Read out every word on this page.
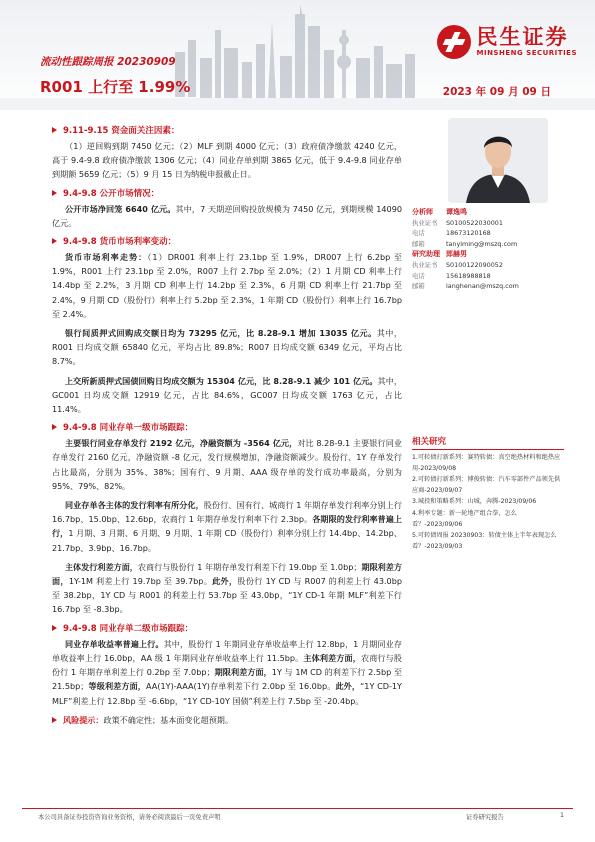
民生证券
MINSHENG SECURITIES
流动性跟踪周报 20230909
R001 上行至 1.99%	2023 年 09 月 09 日
9.11-9.15 资金面关注因素：
（1）逆回购到期 7450 亿元；（2）MLF 到期 4000 亿元；（3）政府债净缴款 4240 亿元，高于 9.4-9.8 政府债净缴款 1306 亿元；（4）同业存单到期 3865 亿元，低于 9.4-9.8 同业存单到期额 5659 亿元；（5）9 月 15 日为纳税申报截止日。
9.4-9.8 公开市场情况：
公开市场净回笼 6640 亿元。其中，7 天期逆回购投放规模为 7450 亿元，到期规模 14090 亿元。
9.4-9.8 货币市场利率变动：
货币市场利率走势：（1）DR001 利率上行 23.1bp 至 1.9%，DR007 上行 6.2bp 至 1.9%，R001 上行 23.1bp 至 2.0%，R007 上行 2.7bp 至 2.0%；（2）1 月期 CD 利率上行 14.4bp 至 2.2%，3 月期 CD 利率上行 14.2bp 至 2.3%，6 月期 CD 利率上行 21.7bp 至 2.4%，9 月期 CD（股份行）利率上行 5.2bp 至 2.3%，1 年期 CD（股份行）利率上行 16.7bp 至 2.4%。
银行间质押式回购成交额日均为 73295 亿元，比 8.28-9.1 增加 13035 亿元。其中，R001 日均成交额 65840 亿元，平均占比 89.8%；R007 日均成交额 6349 亿元，平均占比 8.7%。
上交所新质押式国债回购日均成交额为 15304 亿元，比 8.28-9.1 减少 101 亿元。其中，GC001 日均成交额 12919 亿元，占比 84.6%，GC007 日均成交额 1763 亿元，占比 11.4%。
9.4-9.8 同业存单一级市场跟踪：
主要银行同业存单发行 2192 亿元，净融资额为 -3564 亿元，对比 8.28-9.1 主要银行同业存单发行 2160 亿元，净融资额 -8 亿元，发行规模增加，净融资额减少。股份行、1Y 存单发行占比最高，分别为 35%、38%；国有行、9 月期、AAA 级存单的发行成功率最高，分别为 95%、79%、82%。
同业存单各主体的发行利率有所分化，股份行、国有行、城商行 1 年期存单发行利率分别上行 16.7bp、15.0bp、12.6bp，农商行 1 年期存单发行利率下行 2.3bp。各期限的发行利率普遍上行，1 月期、3 月期、6 月期、9 月期、1 年期 CD（股份行）利率分别上行 14.4bp、14.2bp、21.7bp、3.9bp、16.7bp。
主体发行利差方面，农商行与股份行 1 年期存单发行利差下行 19.0bp 至 1.0bp；期限利差方面，1Y-1M 利差上行 19.7bp 至 39.7bp。此外，股份行 1Y CD 与 R007 的利差上行 43.0bp 至 38.2bp，1Y CD 与 R001 的利差上行 53.7bp 至 43.0bp，“1Y CD-1 年期 MLF”利差下行 16.7bp 至 -8.3bp。
9.4-9.8 同业存单二级市场跟踪：
同业存单收益率普遍上行。其中，股份行 1 年期同业存单收益率上行 12.8bp，1 月期同业存单收益率上行 16.0bp，AA 级 1 年期同业存单收益率上行 11.5bp。主体利差方面，农商行与股份行 1 年期存单利差上行 0.2bp 至 7.0bp；期限利差方面，1Y 与 1M CD 的利差下行 2.5bp 至 21.5bp；等级利差方面，AA(1Y)-AAA(1Y)存单利差下行 2.0bp 至 16.0bp。此外，“1Y CD-1Y MLF”利差上行 12.8bp 至 -6.6bp，“1Y CD-10Y 国债”利差上行 7.5bp 至 -20.4bp。
风险提示： 政策不确定性；基本面变化超预期。
分析师	谭逸鸣
执业证书	S0100522030001
电话	18673120168
邮箱	tanyiming@mszq.com
研究助理 郎赫男
执业证书	S0100122090052
电话	15618988818
邮箱	langhenan@mszq.com
相关研究
1.可转债打新系列：赛特转债：真空绝热材料和绝热应用-2023/09/08
2.可转债打新系列：博俊转债：汽车零部件产品领先供应商-2023/09/07
3.城投和策略系列：山城，奔腾-2023/09/06
4.利率专题：新一轮地产组合拳，怎么看？-2023/09/06
5.可转债周报 20230903：转债主体上半年表现怎么看？-2023/09/03
本公司具备证券投资咨询业务资格，请务必阅读最后一页免责声明	证券研究报告	1
